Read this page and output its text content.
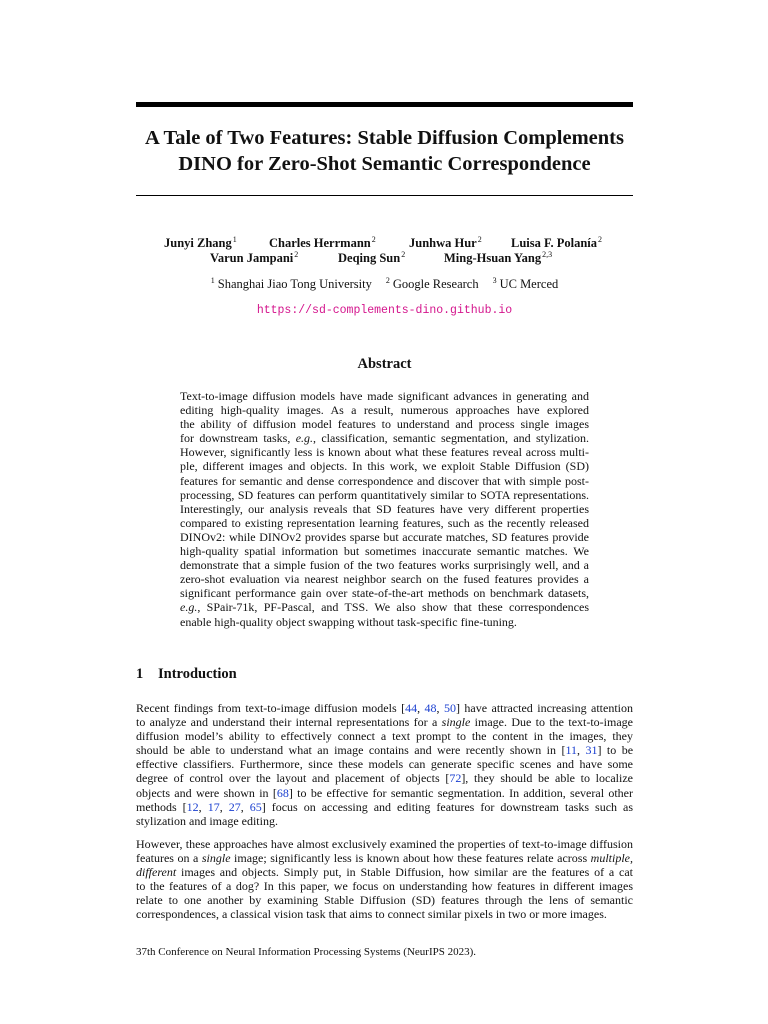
A Tale of Two Features: Stable Diffusion Complements
DINO for Zero-Shot Semantic Correspondence
Junyi Zhang$^1$	Charles Herrmann$^2$	Junhwa Hur$^2$ Luisa F. Polanía$^2$
Varun Jampani$^2$	Deqing Sun$^2$	Ming-Hsuan Yang$^{2,3}$
$^1$ Shanghai Jiao Tong University $^2$ Google Research $^3$ UC Merced
https://sd-complements-dino.github.io
Abstract
Text-to-image diffusion models have made significant advances in generating and
editing high-quality images. As a result, numerous approaches have explored
the ability of diffusion model features to understand and process single images
for downstream tasks, e.g., classification, semantic segmentation, and stylization.
However, significantly less is known about what these features reveal across multi-
ple, different images and objects. In this work, we exploit Stable Diffusion (SD)
features for semantic and dense correspondence and discover that with simple post-
processing, SD features can perform quantitatively similar to SOTA representations.
Interestingly, our analysis reveals that SD features have very different properties
compared to existing representation learning features, such as the recently released
DINOv2: while DINOv2 provides sparse but accurate matches, SD features provide
high-quality spatial information but sometimes inaccurate semantic matches. We
demonstrate that a simple fusion of the two features works surprisingly well, and a
zero-shot evaluation via nearest neighbor search on the fused features provides a
significant performance gain over state-of-the-art methods on benchmark datasets,
e.g., SPair-71k, PF-Pascal, and TSS. We also show that these correspondences
enable high-quality object swapping without task-specific fine-tuning.
1 Introduction
Recent findings from text-to-image diffusion models [44, 48, 50] have attracted increasing attention
to analyze and understand their internal representations for a single image. Due to the text-to-image
diffusion model’s ability to effectively connect a text prompt to the content in the images, they
should be able to understand what an image contains and were recently shown in [11, 31] to be
effective classifiers. Furthermore, since these models can generate specific scenes and have some
degree of control over the layout and placement of objects [72], they should be able to localize
objects and were shown in [68] to be effective for semantic segmentation. In addition, several other
methods [12, 17, 27, 65] focus on accessing and editing features for downstream tasks such as
stylization and image editing.
However, these approaches have almost exclusively examined the properties of text-to-image diffusion
features on a single image; significantly less is known about how these features relate across multiple,
different images and objects. Simply put, in Stable Diffusion, how similar are the features of a cat
to the features of a dog? In this paper, we focus on understanding how features in different images
relate to one another by examining Stable Diffusion (SD) features through the lens of semantic
correspondences, a classical vision task that aims to connect similar pixels in two or more images.
37th Conference on Neural Information Processing Systems (NeurIPS 2023).
